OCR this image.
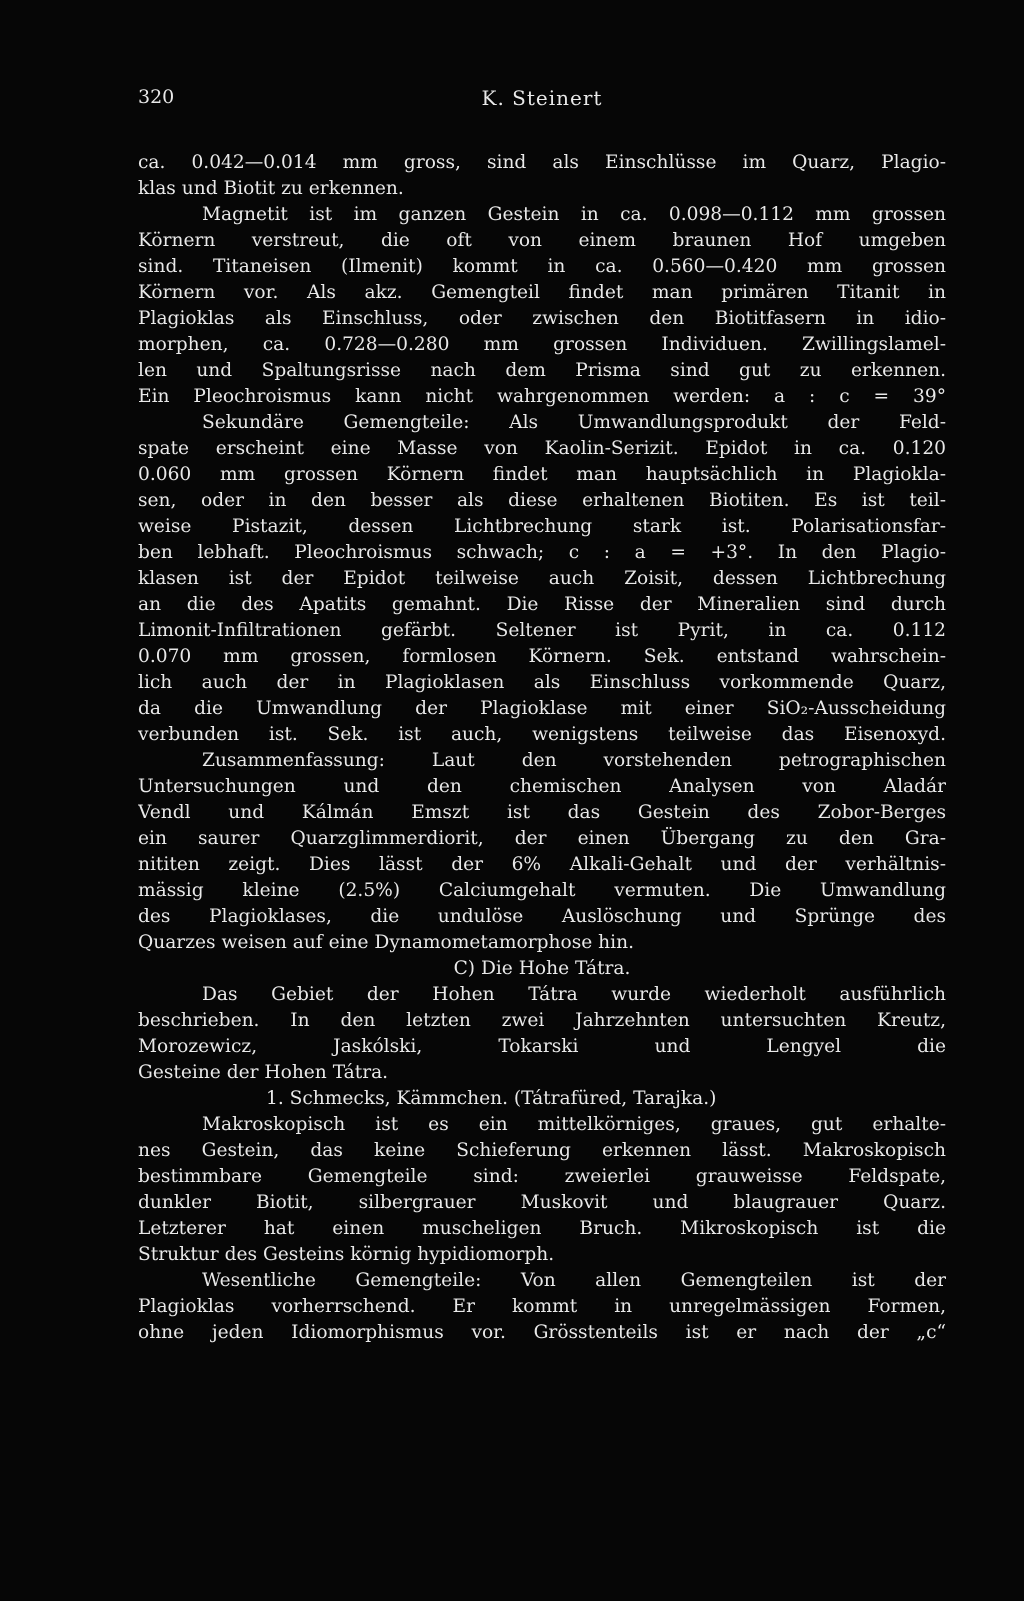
320	K. Steinert
ca. 0.042—0.014 mm gross, sind als Einschlüsse im Quarz, Plagio-
klas und Biotit zu erkennen.
Magnetit ist im ganzen Gestein in ca. 0.098—0.112 mm grossen
Körnern verstreut, die oft von einem braunen Hof umgeben
sind. Titaneisen (Ilmenit) kommt in ca. 0.560—0.420 mm grossen
Körnern vor. Als akz. Gemengteil findet man primären Titanit in
Plagioklas als Einschluss, oder zwischen den Biotitfasern in idio-
morphen, ca. 0.728—0.280 mm grossen Individuen. Zwillingslamel-
len und Spaltungsrisse nach dem Prisma sind gut zu erkennen.
Ein Pleochroismus kann nicht wahrgenommen werden: a : c = 39°
Sekundäre Gemengteile: Als Umwandlungsprodukt der Feld-
spate erscheint eine Masse von Kaolin-Serizit. Epidot in ca. 0.120
0.060 mm grossen Körnern findet man hauptsächlich in Plagiokla-
sen, oder in den besser als diese erhaltenen Biotiten. Es ist teil-
weise Pistazit, dessen Lichtbrechung stark ist. Polarisationsfar-
ben lebhaft. Pleochroismus schwach; c : a = +3°. In den Plagio-
klasen ist der Epidot teilweise auch Zoisit, dessen Lichtbrechung
an die des Apatits gemahnt. Die Risse der Mineralien sind durch
Limonit-Infiltrationen gefärbt. Seltener ist Pyrit, in ca. 0.112
0.070 mm grossen, formlosen Körnern. Sek. entstand wahrschein-
lich auch der in Plagioklasen als Einschluss vorkommende Quarz,
da die Umwandlung der Plagioklase mit einer SiO₂-Ausscheidung
verbunden ist. Sek. ist auch, wenigstens teilweise das Eisenoxyd.
Zusammenfassung: Laut den vorstehenden petrographischen
Untersuchungen und den chemischen Analysen von Aladár
Vendl und Kálmán Emszt ist das Gestein des Zobor-Berges
ein saurer Quarzglimmerdiorit, der einen Übergang zu den Gra-
nititen zeigt. Dies lässt der 6% Alkali-Gehalt und der verhältnis-
mässig kleine (2.5%) Calciumgehalt vermuten. Die Umwandlung
des Plagioklases, die undulöse Auslöschung und Sprünge des
Quarzes weisen auf eine Dynamometamorphose hin.
C) Die Hohe Tátra.
Das Gebiet der Hohen Tátra wurde wiederholt ausführlich
beschrieben. In den letzten zwei Jahrzehnten untersuchten Kreutz,
Morozewicz, Jaskólski, Tokarski und Lengyel die
Gesteine der Hohen Tátra.
1. Schmecks, Kämmchen. (Tátrafüred, Tarajka.)
Makroskopisch ist es ein mittelkörniges, graues, gut erhalte-
nes Gestein, das keine Schieferung erkennen lässt. Makroskopisch
bestimmbare Gemengteile sind: zweierlei grauweisse Feldspate,
dunkler Biotit, silbergrauer Muskovit und blaugrauer Quarz.
Letzterer hat einen muscheligen Bruch. Mikroskopisch ist die
Struktur des Gesteins körnig hypidiomorph.
Wesentliche Gemengteile: Von allen Gemengteilen ist der
Plagioklas vorherrschend. Er kommt in unregelmässigen Formen,
ohne jeden Idiomorphismus vor. Grösstenteils ist er nach der „c“
